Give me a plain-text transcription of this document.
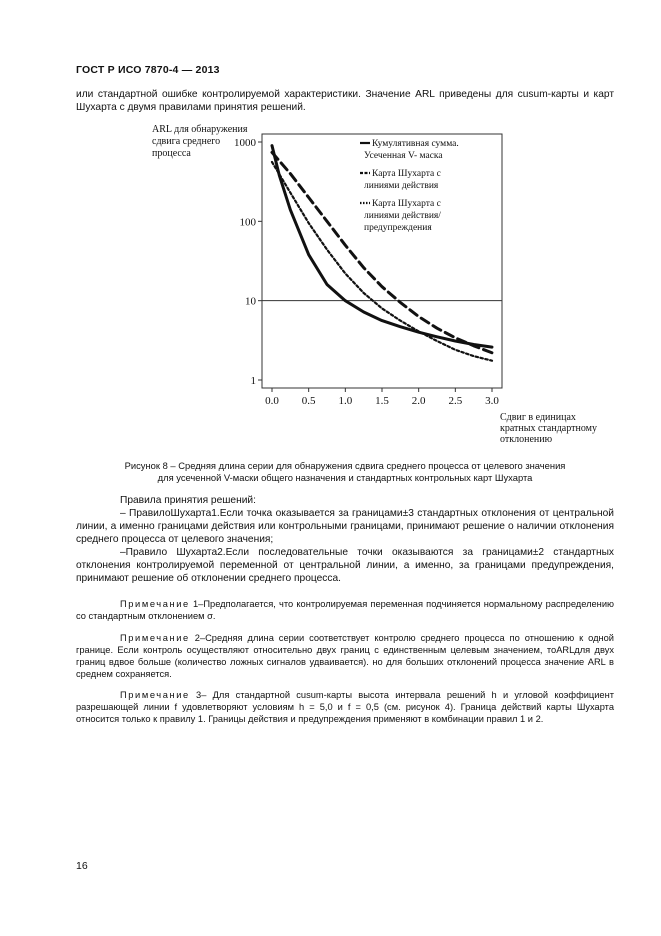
ГОСТ Р ИСО 7870-4 — 2013
или стандартной ошибке контролируемой характеристики. Значение ARL приведены для cusum-карты и карт Шухарта с двумя правилами принятия решений.
ARL для обнаружения
сдвига среднего
процесса
Сдвиг в единицах
кратных стандартному
отклонению
1000
100
10
1
0.0 0.5 1.0 1.5 2.0 2.5 3.0
Кумулятивная сумма.
Усеченная V- маска
Карта Шухарта с
линиями действия
Карта Шухарта с
линиями действия/
предупреждения
Рисунок 8 – Средняя длина серии для обнаружения сдвига среднего процесса от целевого значения
для усеченной V-маски общего назначения и стандартных контрольных карт Шухарта

Правила принятия решений:

– ПравилоШухарта1.Если точка оказывается за границами±3 стандартных отклонения от центральной линии, а именно границами действия или контрольными границами, принимают решение о наличии отклонения среднего процесса от целевого значения;

–Правило Шухарта2.Если последовательные точки оказываются за границами±2 стандартных отклонения контролируемой переменной от центральной линии, а именно, за границами предупреждения, принимают решение об отклонении среднего процесса.

Примечание 1–Предполагается, что контролируемая переменная подчиняется нормальному распределению со стандартным отклонением σ.
Примечание 2–Средняя длина серии соответствует контролю среднего процесса по отношению к одной границе. Если контроль осуществляют относительно двух границ с единственным целевым значением, тоARLдля двух границ вдвое больше (количество ложных сигналов удваивается). но для больших отклонений процесса значение ARL в среднем сохраняется.
Примечание 3– Для стандартной cusum-карты высота интервала решений h и угловой коэффициент разрешающей линии f удовлетворяют условиям h = 5,0 и f = 0,5 (см. рисунок 4). Граница действий карты Шухарта относится только к правилу 1. Границы действия и предупреждения применяют в комбинации правил 1 и 2.
16
